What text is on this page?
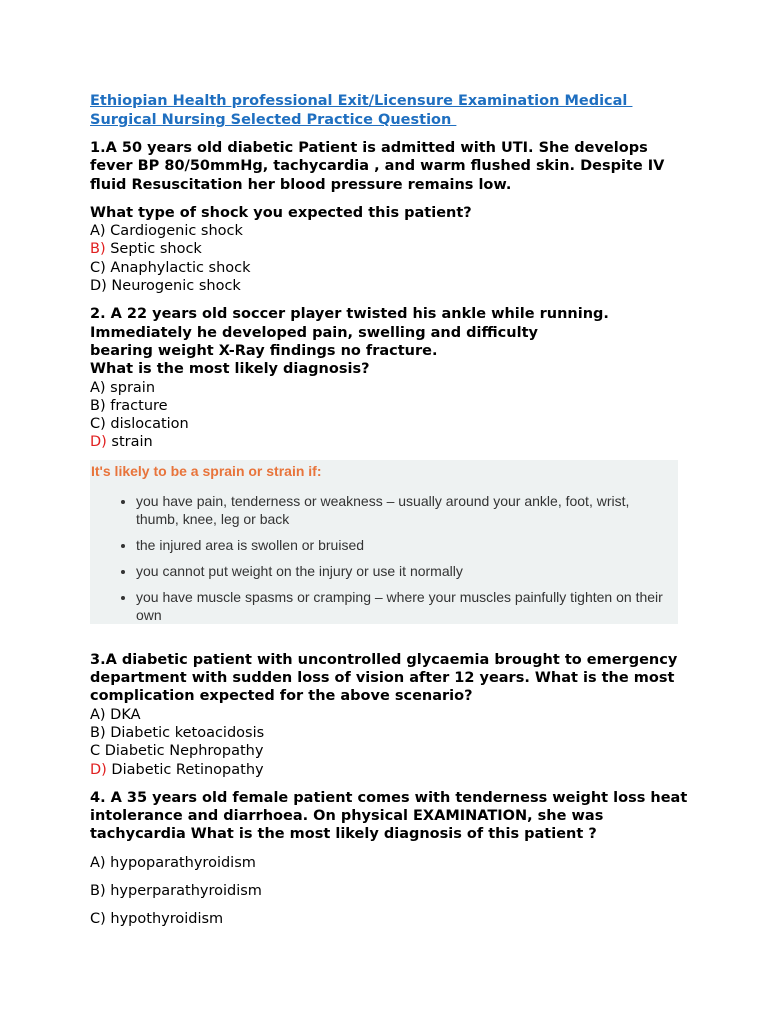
Ethiopian Health professional Exit/Licensure Examination Medical
Surgical Nursing Selected Practice Question

1.A 50 years old diabetic Patient is admitted with UTI. She develops fever BP 80/50mmHg, tachycardia , and warm flushed skin. Despite IV fluid Resuscitation her blood pressure remains low.

What type of shock you expected this patient?

A) Cardiogenic shock

B) Septic shock

C) Anaphylactic shock

D) Neurogenic shock

2. A 22 years old soccer player twisted his ankle while running.

Immediately he developed pain, swelling and difficulty

bearing weight X-Ray findings no fracture.

What is the most likely diagnosis?

A) sprain

B) fracture

C) dislocation

D) strain

It's likely to be a sprain or strain if:
• you have pain, tenderness or weakness – usually around your ankle, foot, wrist, thumb, knee, leg or back
• the injured area is swollen or bruised
• you cannot put weight on the injury or use it normally
• you have muscle spasms or cramping – where your muscles painfully tighten on their own

3.A diabetic patient with uncontrolled glycaemia brought to emergency department with sudden loss of vision after 12 years. What is the most complication expected for the above scenario?

A) DKA

B) Diabetic ketoacidosis

C Diabetic Nephropathy

D) Diabetic Retinopathy

4. A 35 years old female patient comes with tenderness weight loss heat intolerance and diarrhoea. On physical EXAMINATION, she was tachycardia What is the most likely diagnosis of this patient ?

A) hypoparathyroidism

B) hyperparathyroidism

C) hypothyroidism
